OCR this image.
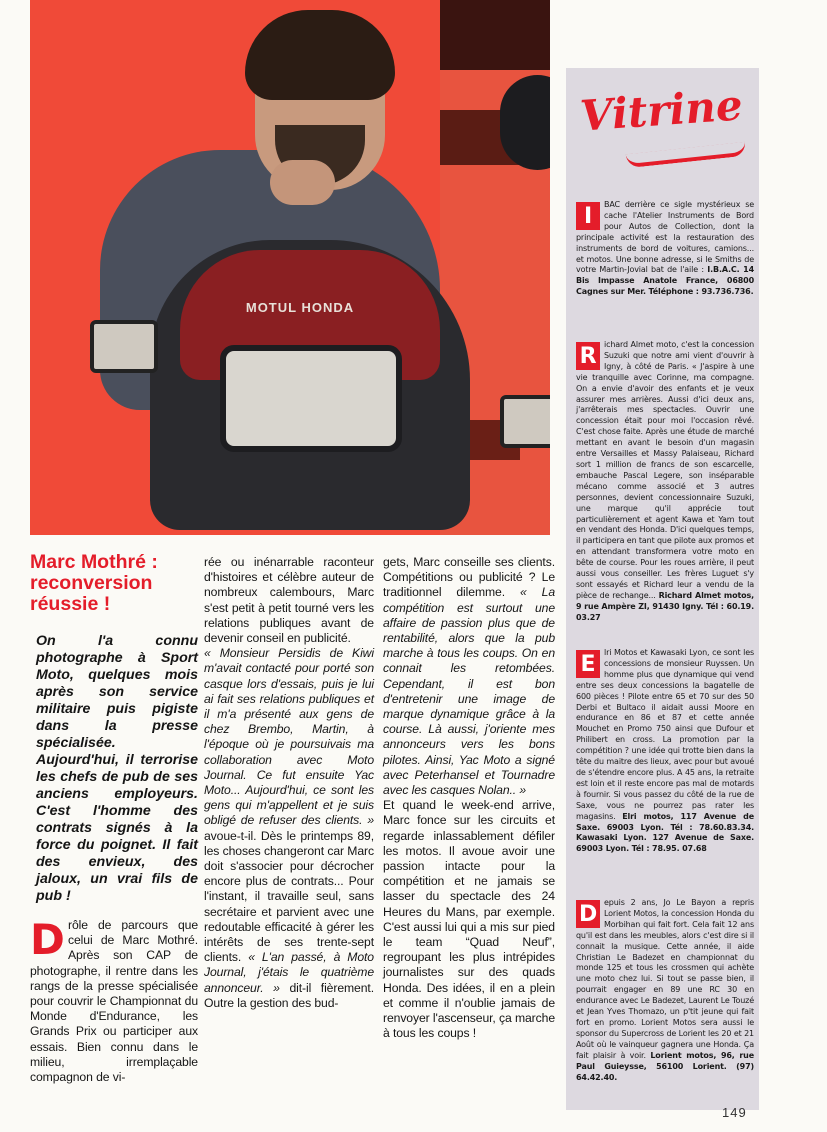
MOTUL HONDA
Vitrine
I	BAC derrière ce sigle mystérieux se cache l'Atelier Instruments de Bord pour Autos de Collection, dont la principale activité est la restauration des instruments de bord de voitures, camions... et motos. Une bonne adresse, si le Smiths de votre Martin-Jovial bat de l'aile : I.B.A.C. 14 Bis Impasse Anatole France, 06800 Cagnes sur Mer. Téléphone : 93.736.736.
R ichard Almet moto, c'est la concession Suzuki que notre ami vient d'ouvrir à Igny, à côté de Paris. « J'aspire à une vie tranquille avec Corinne, ma compagne. On a envie d'avoir des enfants et je veux assurer mes arrières. Aussi d'ici deux ans, j'arrêterais mes spectacles. Ouvrir une concession était pour moi l'occasion rêvé. C'est chose faite. Après une étude de marché mettant en avant le besoin d'un magasin entre Versailles et Massy Palaiseau, Richard sort 1 million de francs de son escarcelle, embauche Pascal Legere, son inséparable mécano comme associé et 3 autres personnes, devient concessionnaire Suzuki, une marque qu'il apprécie tout particulièrement et agent Kawa et Yam tout en vendant des Honda. D'ici quelques temps, il participera en tant que pilote aux promos et en attendant transformera votre moto en bête de course. Pour les roues arrière, il peut aussi vous conseiller. Les frères Luguet s'y sont essayés et Richard leur a vendu de la pièce de rechange... Richard Almet motos, 9 rue Ampère ZI, 91430 Igny. Tél : 60.19. 03.27
E	lri Motos et Kawasaki Lyon, ce sont les concessions de monsieur Ruyssen. Un homme plus que dynamique qui vend entre ses deux concessions la bagatelle de 600 pièces ! Pilote entre 65 et 70 sur des 50 Derbi et Bultaco il aidait aussi Moore en endurance en 86 et 87 et cette année Mouchet en Promo 750 ainsi que Dufour et Philibert en cross. La promotion par la compétition ? une idée qui trotte bien dans la tête du maitre des lieux, avec pour but avoué de s'étendre encore plus. A 45 ans, la retraite est loin et il reste encore pas mal de motards à fournir. Si vous passez du côté de la rue de Saxe, vous ne pourrez pas rater les magasins. Elri motos, 117 Avenue de Saxe. 69003 Lyon. Tél : 78.60.83.34. Kawasaki Lyon. 127 Avenue de Saxe. 69003 Lyon. Tél : 78.95. 07.68
D epuis 2 ans, Jo Le Bayon a repris Lorient Motos, la concession Honda du Morbihan qui fait fort. Cela fait 12 ans qu'il est dans les meubles, alors c'est dire si il connait la musique. Cette année, il aide Christian Le Badezet en championnat du monde 125 et tous les crossmen qui achète une moto chez lui. Si tout se passe bien, il pourrait engager en 89 une RC 30 en endurance avec Le Badezet, Laurent Le Touzé et Jean Yves Thomazo, un p'tit jeune qui fait fort en promo. Lorient Motos sera aussi le sponsor du Supercross de Lorient les 20 et 21 Août où le vainqueur gagnera une Honda. Ça fait plaisir à voir. Lorient motos, 96, rue Paul Guieysse, 56100 Lorient. (97) 64.42.40.
Marc Mothré : reconversion réussie !
On l'a connu photographe à Sport Moto, quelques mois après son service militaire puis pigiste dans la presse spécialisée. Aujourd'hui, il terrorise les chefs de pub de ses anciens employeurs. C'est l'homme des contrats signés à la force du poignet. Il fait des envieux, des jaloux, un vrai fils de pub !
D rôle de parcours que celui de Marc Mothré. Après son CAP de photographe, il rentre dans les rangs de la presse spécialisée pour couvrir le Championnat du Monde d'Endurance, les Grands Prix ou participer aux essais. Bien connu dans le milieu, irremplaçable compagnon de vi-
rée ou inénarrable raconteur d'histoires et célèbre auteur de nombreux calembours, Marc s'est petit à petit tourné vers les relations publiques avant de devenir conseil en publicité.
« Monsieur Persidis de Kiwi m'avait contacté pour porté son casque lors d'essais, puis je lui ai fait ses relations publiques et il m'a présenté aux gens de chez Brembo, Martin, à l'époque où je poursuivais ma collaboration avec Moto Journal. Ce fut ensuite Yac Moto... Aujourd'hui, ce sont les gens qui m'appellent et je suis obligé de refuser des clients. » avoue-t-il. Dès le printemps 89, les choses changeront car Marc doit s'associer pour décrocher encore plus de contrats... Pour l'instant, il travaille seul, sans secrétaire et parvient avec une redoutable efficacité à gérer les intérêts de ses trente-sept clients. « L'an passé, à Moto Journal, j'étais le quatrième annonceur. » dit-il fièrement. Outre la gestion des bud-
gets, Marc conseille ses clients. Compétitions ou publicité ? Le traditionnel dilemme. « La compétition est surtout une affaire de passion plus que de rentabilité, alors que la pub marche à tous les coups. On en connait les retombées. Cependant, il est bon d'entretenir une image de marque dynamique grâce à la course. Là aussi, j'oriente mes annonceurs vers les bons pilotes. Ainsi, Yac Moto a signé avec Peterhansel et Tournadre avec les casques Nolan.. »
Et quand le week-end arrive, Marc fonce sur les circuits et regarde inlassablement défiler les motos. Il avoue avoir une passion intacte pour la compétition et ne jamais se lasser du spectacle des 24 Heures du Mans, par exemple. C'est aussi lui qui a mis sur pied le team “Quad Neuf”, regroupant les plus intrépides journalistes sur des quads Honda. Des idées, il en a plein et comme il n'oublie jamais de renvoyer l'ascenseur, ça marche à tous les coups !
149
